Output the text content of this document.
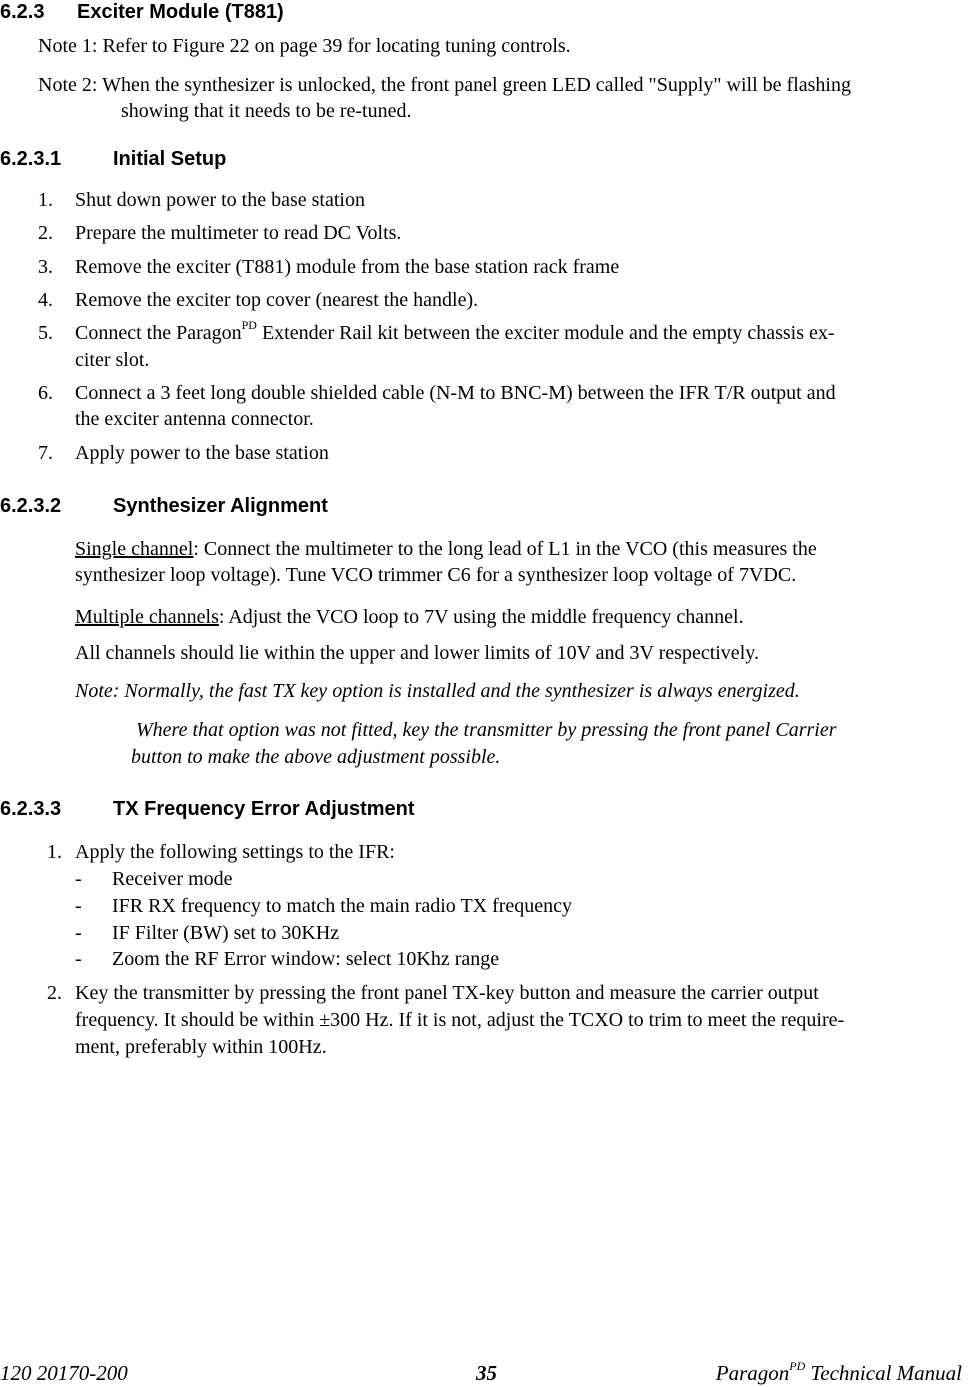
6.2.3 Exciter Module (T881)
Note 1: Refer to Figure 22 on page 39 for locating tuning controls.
Note 2: When the synthesizer is unlocked, the front panel green LED called "Supply" will be flashing
showing that it needs to be re-tuned.
6.2.3.1	Initial Setup
1. Shut down power to the base station
2. Prepare the multimeter to read DC Volts.
3. Remove the exciter (T881) module from the base station rack frame
4. Remove the exciter top cover (nearest the handle).
5. Connect the Paragon$^{PD}$ Extender Rail kit between the exciter module and the empty chassis ex-
citer slot.
6. Connect a 3 feet long double shielded cable (N-M to BNC-M) between the IFR T/R output and
the exciter antenna connector.
7. Apply power to the base station
6.2.3.2	Synthesizer Alignment
Single channel: Connect the multimeter to the long lead of L1 in the VCO (this measures the
synthesizer loop voltage). Tune VCO trimmer C6 for a synthesizer loop voltage of 7VDC.
Multiple channels: Adjust the VCO loop to 7V using the middle frequency channel.
All channels should lie within the upper and lower limits of 10V and 3V respectively.
Note: Normally, the fast TX key option is installed and the synthesizer is always energized.
Where that option was not fitted, key the transmitter by pressing the front panel Carrier
button to make the above adjustment possible.
6.2.3.3	TX Frequency Error Adjustment
1. Apply the following settings to the IFR:
- Receiver mode
- IFR RX frequency to match the main radio TX frequency
- IF Filter (BW) set to 30KHz
- Zoom the RF Error window: select 10Khz range
2. Key the transmitter by pressing the front panel TX-key button and measure the carrier output
frequency. It should be within ±300 Hz. If it is not, adjust the TCXO to trim to meet the require-
ment, preferably within 100Hz.
120 20170-200	35	Paragon$^{PD}$ Technical Manual
